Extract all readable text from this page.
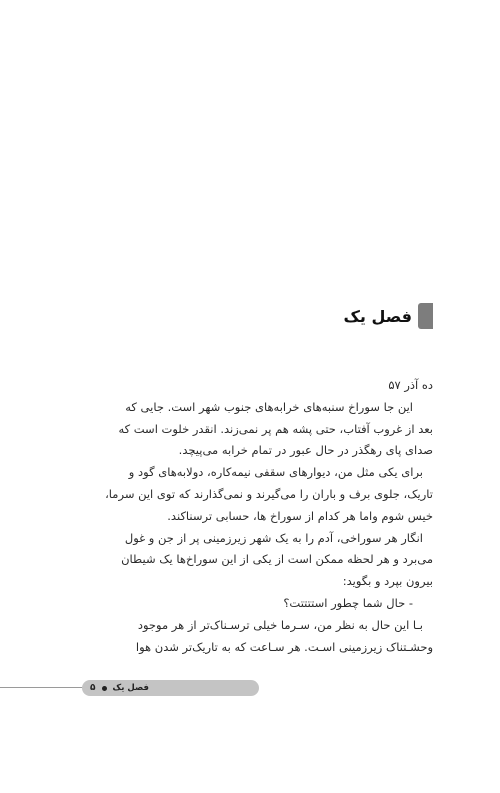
فصل یک
ده آذر ۵۷
این جا سوراخ سنبه‌های خرابه‌های جنوب شهر است. جایی که
بعد از غروب آفتاب، حتی پشه هم پر نمی‌زند. انقدر خلوت است که
صدای پای رهگذر در حال عبور در تمام خرابه می‌پیچد.
برای یکی مثل من، دیوارهای سقفی نیمه‌کاره، دولابه‌های گود و
تاریک، جلوی برف و باران را می‌گیرند و نمی‌گذارند که توی این سرما،
خیس شوم واما هر کدام از سوراخ ها، حسابی ترسناکند.
انگار هر سوراخی، آدم را به یک شهر زیرزمینی پر از جن و غول
می‌برد و هر لحظه ممکن است از یکی از این سوراخ‌ها یک شیطان
بیرون بپرد و بگوید:
- حال شما چطور استتتتت؟
بـا این حال به نظر من، سـرما خیلی ترسـناک‌تر از هر موجود
وحشـتناک زیرزمینی اسـت. هر سـاعت که به تاریک‌تر شدن هوا
۵ فصل یک
